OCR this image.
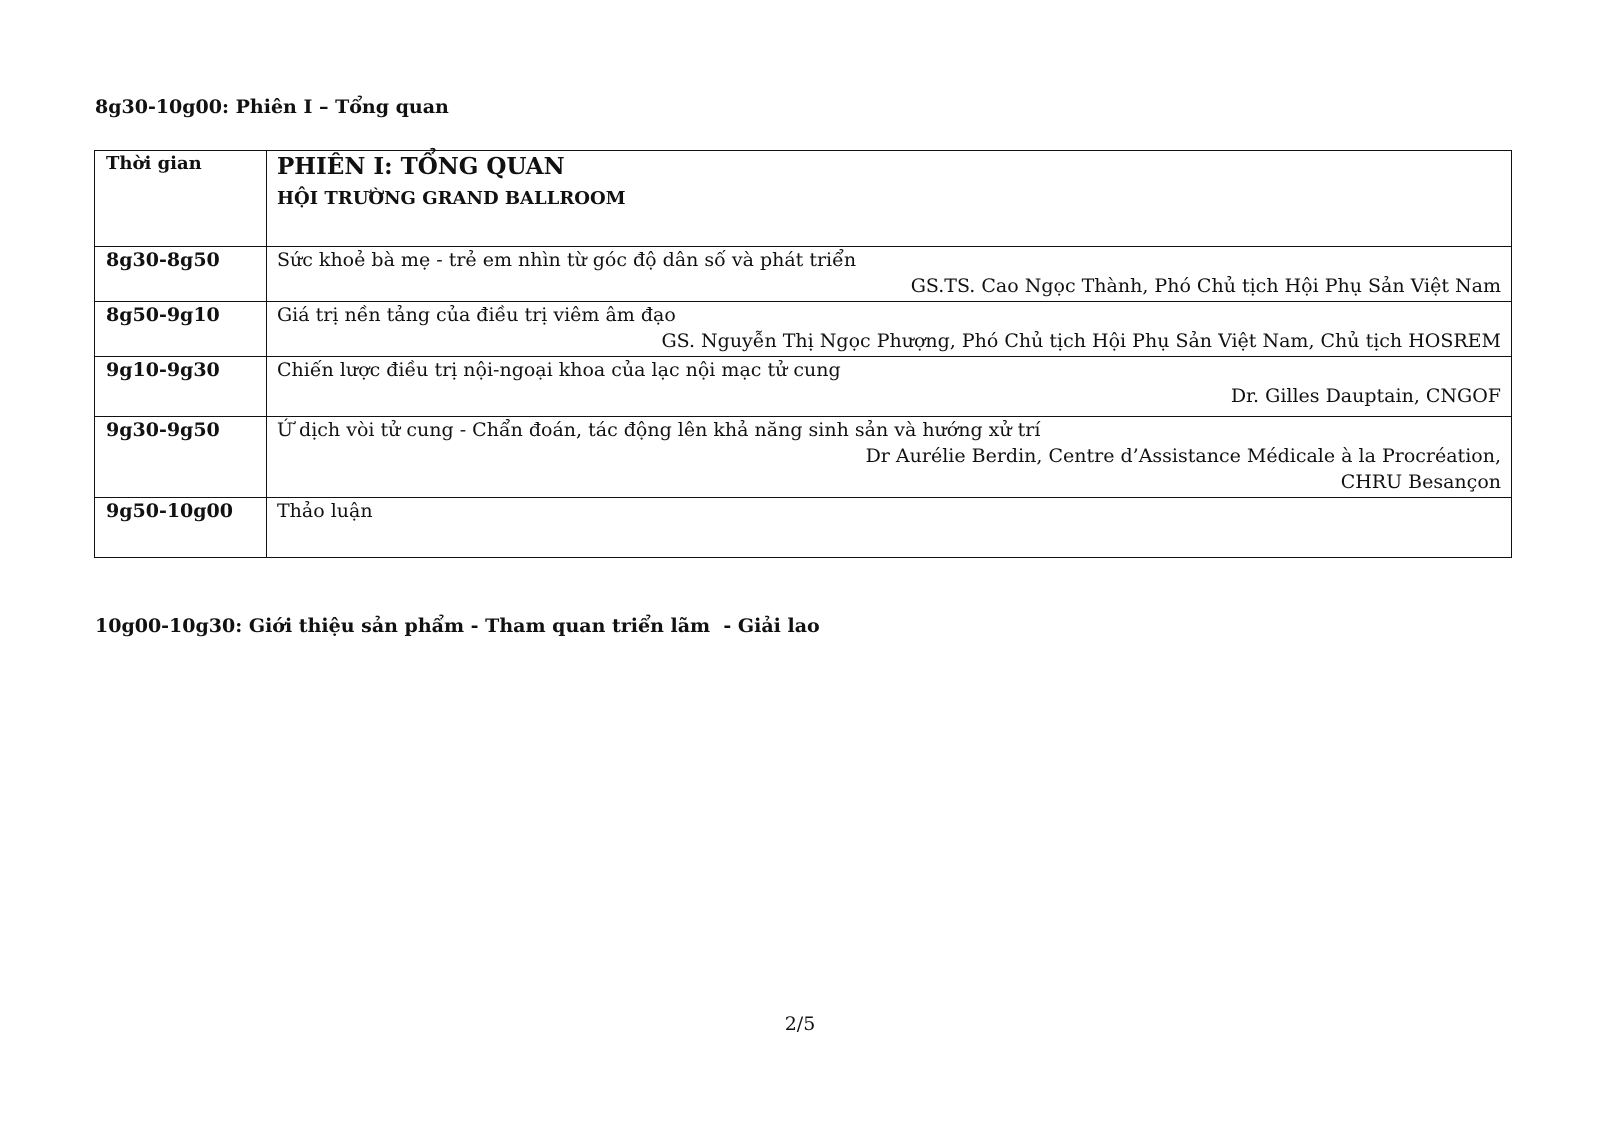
8g30-10g00: Phiên I – Tổng quan
Thời gian	PHIÊN I: TỔNG QUAN
HỘI TRƯỜNG GRAND BALLROOM

8g30-8g50	Sức khoẻ bà mẹ - trẻ em nhìn từ góc độ dân số và phát triển
GS.TS. Cao Ngọc Thành, Phó Chủ tịch Hội Phụ Sản Việt Nam

8g50-9g10	Giá trị nền tảng của điều trị viêm âm đạo
GS. Nguyễn Thị Ngọc Phượng, Phó Chủ tịch Hội Phụ Sản Việt Nam, Chủ tịch HOSREM

9g10-9g30	Chiến lược điều trị nội-ngoại khoa của lạc nội mạc tử cung
Dr. Gilles Dauptain, CNGOF

9g30-9g50	Ứ dịch vòi tử cung - Chẩn đoán, tác động lên khả năng sinh sản và hướng xử trí
Dr Aurélie Berdin, Centre d’Assistance Médicale à la Procréation,
CHRU Besançon

9g50-10g00	Thảo luận
10g00-10g30: Giới thiệu sản phẩm - Tham quan triển lãm  - Giải lao
2/5
